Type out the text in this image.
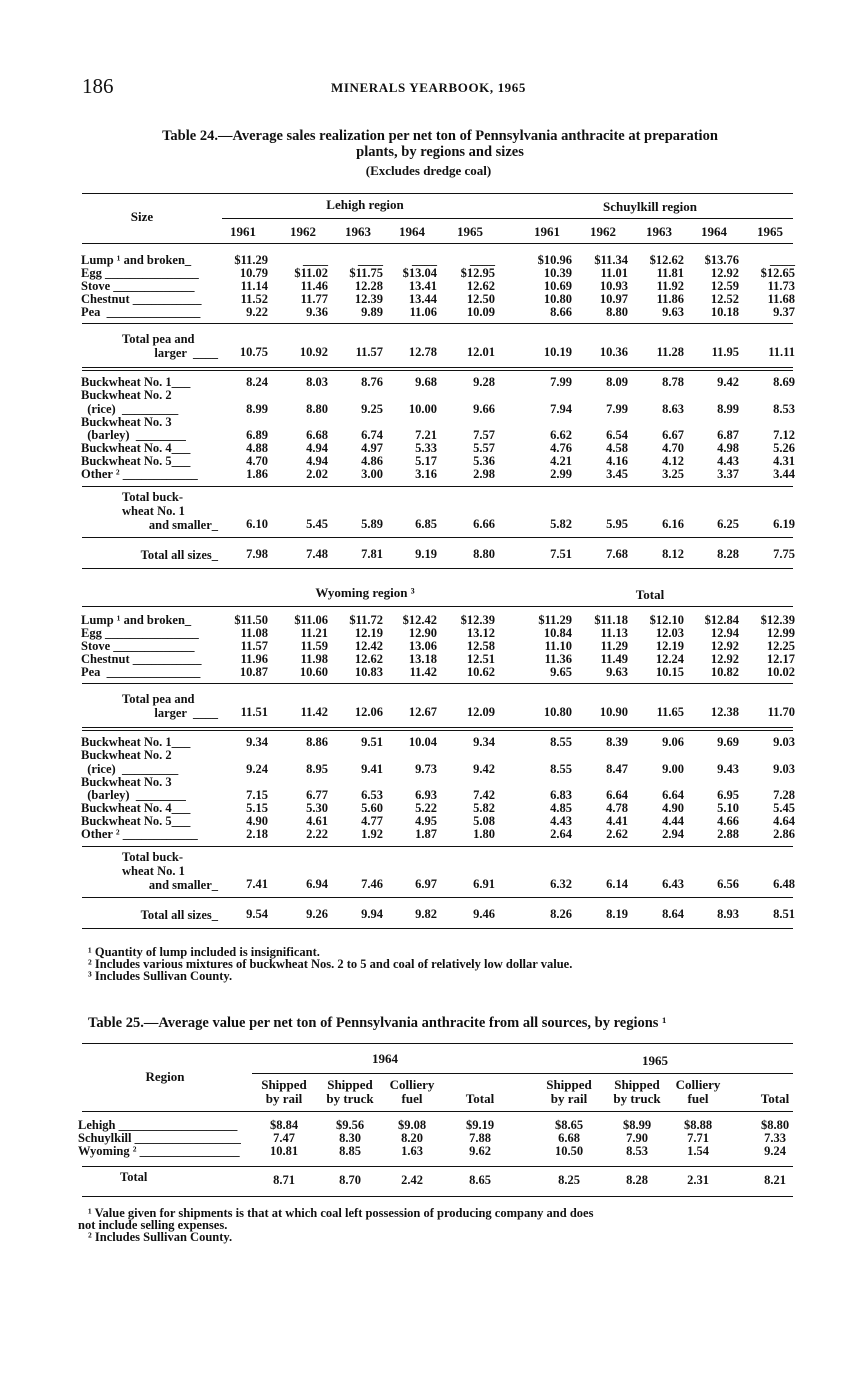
186	MINERALS YEARBOOK, 1965
Table 24.—Average sales realization per net ton of Pennsylvania anthracite at preparation
plants, by regions and sizes
(Excludes dredge coal)
Size
Lehigh region	Schuylkill region
1961	1962	1963	1964	1965	1961	1962	1963	1964	1965
Lump ¹ and broken_	$11.29	____	____	____	____	$10.96	$11.34	$12.62	$13.76	____
Egg _______________	10.79	$11.02	$11.75	$13.04	$12.95	10.39	11.01	11.81	12.92	$12.65
Stove _____________	11.14	11.46	12.28	13.41	12.62	10.69	10.93	11.92	12.59	11.73
Chestnut ___________	11.52	11.77	12.39	13.44	12.50	10.80	10.97	11.86	12.52	11.68
Pea  _______________	9.22	9.36	9.89	11.06	10.09	8.66	8.80	9.63	10.18	9.37
Total pea and
larger  ____	10.75	10.92	11.57	12.78	12.01	10.19	10.36	11.28	11.95	11.11
Buckwheat No. 1___	8.24	8.03	8.76	9.68	9.28	7.99	8.09	8.78	9.42	8.69
Buckwheat No. 2
(rice)  _________	8.99	8.80	9.25	10.00	9.66	7.94	7.99	8.63	8.99	8.53
Buckwheat No. 3
(barley)  ________	6.89	6.68	6.74	7.21	7.57	6.62	6.54	6.67	6.87	7.12
Buckwheat No. 4___	4.88	4.94	4.97	5.33	5.57	4.76	4.58	4.70	4.98	5.26
Buckwheat No. 5___	4.70	4.94	4.86	5.17	5.36	4.21	4.16	4.12	4.43	4.31
Other ² ____________	1.86	2.02	3.00	3.16	2.98	2.99	3.45	3.25	3.37	3.44
Total buck-
wheat No. 1
and smaller_	6.10	5.45	5.89	6.85	6.66	5.82	5.95	6.16	6.25	6.19
Total all sizes_	7.98	7.48	7.81	9.19	8.80	7.51	7.68	8.12	8.28	7.75
Wyoming region ³	Total
Lump ¹ and broken_	$11.50	$11.06	$11.72	$12.42	$12.39	$11.29	$11.18	$12.10	$12.84	$12.39
Egg _______________	11.08	11.21	12.19	12.90	13.12	10.84	11.13	12.03	12.94	12.99
Stove _____________	11.57	11.59	12.42	13.06	12.58	11.10	11.29	12.19	12.92	12.25
Chestnut ___________	11.96	11.98	12.62	13.18	12.51	11.36	11.49	12.24	12.92	12.17
Pea  _______________	10.87	10.60	10.83	11.42	10.62	9.65	9.63	10.15	10.82	10.02
Total pea and
larger  ____	11.51	11.42	12.06	12.67	12.09	10.80	10.90	11.65	12.38	11.70
Buckwheat No. 1___	9.34	8.86	9.51	10.04	9.34	8.55	8.39	9.06	9.69	9.03
Buckwheat No. 2
(rice)  _________	9.24	8.95	9.41	9.73	9.42	8.55	8.47	9.00	9.43	9.03
Buckwheat No. 3
(barley)  ________	7.15	6.77	6.53	6.93	7.42	6.83	6.64	6.64	6.95	7.28
Buckwheat No. 4___	5.15	5.30	5.60	5.22	5.82	4.85	4.78	4.90	5.10	5.45
Buckwheat No. 5___	4.90	4.61	4.77	4.95	5.08	4.43	4.41	4.44	4.66	4.64
Other ² ____________	2.18	2.22	1.92	1.87	1.80	2.64	2.62	2.94	2.88	2.86
Total buck-
wheat No. 1
and smaller_	7.41	6.94	7.46	6.97	6.91	6.32	6.14	6.43	6.56	6.48
Total all sizes_	9.54	9.26	9.94	9.82	9.46	8.26	8.19	8.64	8.93	8.51
¹ Quantity of lump included is insignificant.
² Includes various mixtures of buckwheat Nos. 2 to 5 and coal of relatively low dollar value.
³ Includes Sullivan County.
Table 25.—Average value per net ton of Pennsylvania anthracite from all sources, by regions ¹
Region
1964	1965
Shipped
by rail
Shipped
by truck
Colliery
fuel	Total
Shipped
by rail
Shipped
by truck
Colliery
fuel	Total
Lehigh ___________________	$8.84	$9.56	$9.08	$9.19	$8.65	$8.99	$8.88	$8.80
Schuylkill _________________	7.47	8.30	8.20	7.88	6.68	7.90	7.71	7.33
Wyoming ² ________________	10.81	8.85	1.63	9.62	10.50	8.53	1.54	9.24
Total	8.71	8.70	2.42	8.65	8.25	8.28	2.31	8.21
¹ Value given for shipments is that at which coal left possession of producing company and does
not include selling expenses.
² Includes Sullivan County.
